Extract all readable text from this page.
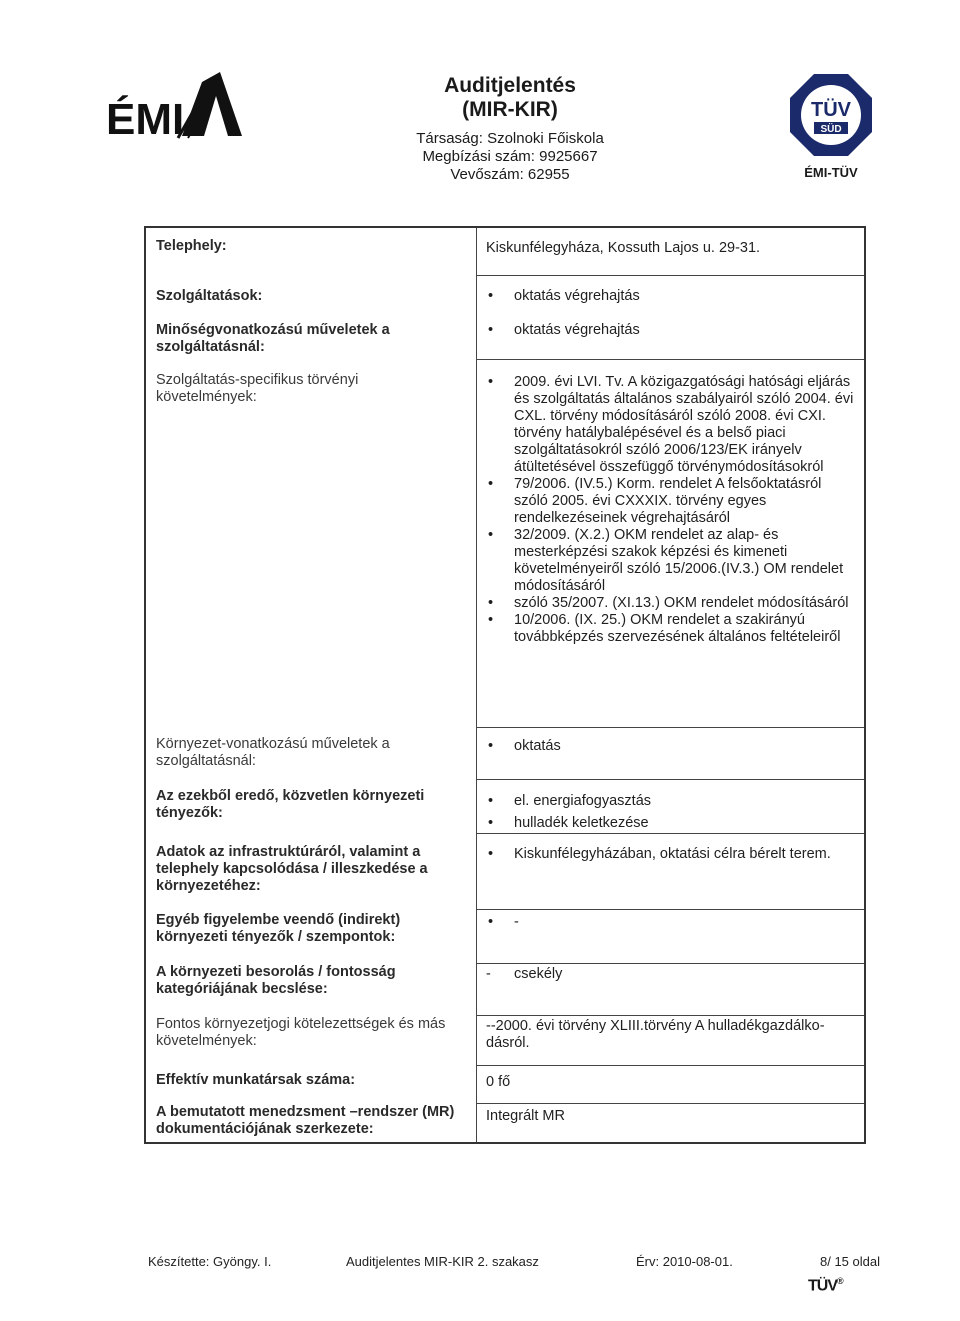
ÉMI
Auditjelentés
(MIR-KIR)
Társaság: Szolnoki Főiskola
Megbízási szám: 9925667
Vevőszám: 62955
TÜV
SÜD
ÉMI-TÜV
Telephely:	Kiskunfélegyháza, Kossuth Lajos u. 29-31.
Szolgáltatások:
•	oktatás végrehajtás
Minőségvonatkozású műveletek a szolgáltatásnál:
• oktatás végrehajtás
Szolgáltatás-specifikus törvényi követelmények:
• 2009. évi LVI. Tv. A közigazgatósági hatósági eljárás és szolgáltatás általános szabályairól szóló 2004. évi CXL. törvény módosításáról szóló 2008. évi CXI. törvény hatálybalépésével és a belső piaci szolgáltatásokról szóló 2006/123/EK irányelv átültetésével összefüggő törvénymódosításokról
• 79/2006. (IV.5.) Korm. rendelet A felsőoktatásról szóló 2005. évi CXXXIX. törvény egyes rendelkezéseinek végrehajtásáról
• 32/2009. (X.2.) OKM rendelet az alap- és mesterképzési szakok képzési és kimeneti követelményeiről szóló 15/2006.(IV.3.) OM rendelet módosításáról
• szóló 35/2007. (XI.13.) OKM rendelet módosításáról
• 10/2006. (IX. 25.) OKM rendelet a szakirányú továbbképzés szervezésének általános feltételeiről
Környezet-vonatkozású műveletek a szolgáltatásnál:
• oktatás
Az ezekből eredő, közvetlen környezeti tényezők:
• el. energiafogyasztás
• hulladék keletkezése
Adatok az infrastruktúráról, valamint a telephely kapcsolódása / illeszkedése a környezetéhez:
• Kiskunfélegyházában, oktatási célra bérelt terem.
Egyéb figyelembe veendő (indirekt) környezeti tényezők / szempontok:
• -
A környezeti besorolás / fontosság kategóriájának becslése:
- csekély
Fontos környezetjogi kötelezettségek és más követelmények:
--2000. évi törvény XLIII.törvény A hulladékgazdálko-dásról.
Effektív munkatársak száma:	0 fő
A bemutatott menedzsment –rendszer (MR) dokumentációjának szerkezete:
Integrált MR
Készítette: Gyöngy. I.	Auditjelentes MIR-KIR 2. szakasz	Érv: 2010-08-01.	8/ 15 oldal
TÜV®
